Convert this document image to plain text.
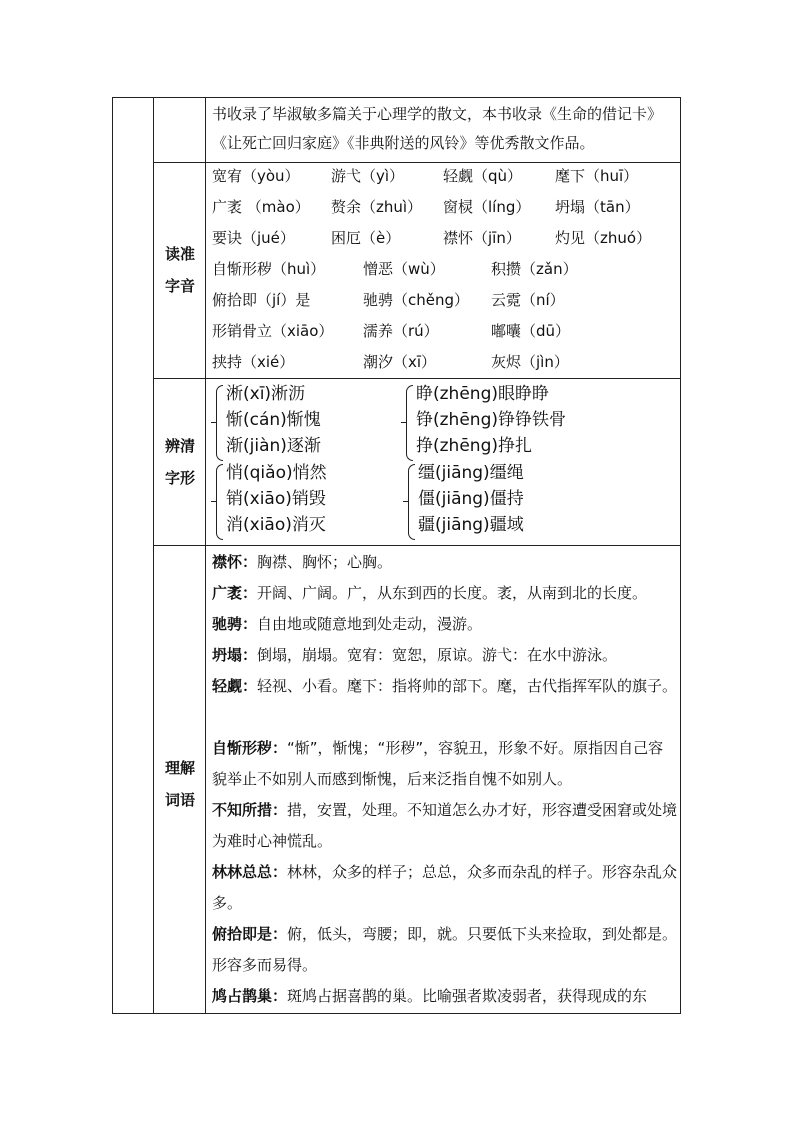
书收录了毕淑敏多篇关于心理学的散文，本书收录《生命的借记卡》
《让死亡回归家庭》《非典附送的风铃》等优秀散文作品。
读准
字音
宽宥（yòu） 游弋（yì）	轻觑（qù） 麾下（huī）
广袤 （mào） 赘余（zhuì） 窗棂（líng） 坍塌（tān）
要诀（jué） 困厄（è）	襟怀（jīn） 灼见（zhuó）
自惭形秽（huì）	憎恶（wù）	积攒（zǎn）
俯拾即（jí）是	驰骋（chěng） 云霓（ní）
形销骨立（xiāo） 濡养（rú）	嘟囔（dū）
挟持（xié）	潮汐（xī）	灰烬（jìn）
辨清
字形
淅(xī)淅沥
惭(cán)惭愧
渐(jiàn)逐渐
睁(zhēng)眼睁睁
铮(zhēng)铮铮铁骨
挣(zhēng)挣扎
悄(qiǎo)悄然
销(xiāo)销毁
消(xiāo)消灭
缰(jiāng)缰绳
僵(jiāng)僵持
疆(jiāng)疆域
理解
词语
襟怀：胸襟、胸怀；心胸。
广袤：开阔、广阔。广，从东到西的长度。袤，从南到北的长度。
驰骋：自由地或随意地到处走动，漫游。
坍塌：倒塌，崩塌。宽宥：宽恕，原谅。游弋：在水中游泳。
轻觑：轻视、小看。麾下：指将帅的部下。麾，古代指挥军队的旗子。
自惭形秽：“惭”，惭愧；“形秽”，容貌丑，形象不好。原指因自己容貌举止不如别人而感到惭愧，后来泛指自愧不如别人。
不知所措：措，安置，处理。不知道怎么办才好，形容遭受困窘或处境为难时心神慌乱。
林林总总：林林，众多的样子；总总，众多而杂乱的样子。形容杂乱众多。
俯拾即是：俯，低头，弯腰；即，就。只要低下头来捡取，到处都是。形容多而易得。
鸠占鹊巢：斑鸠占据喜鹊的巢。比喻强者欺凌弱者，获得现成的东
